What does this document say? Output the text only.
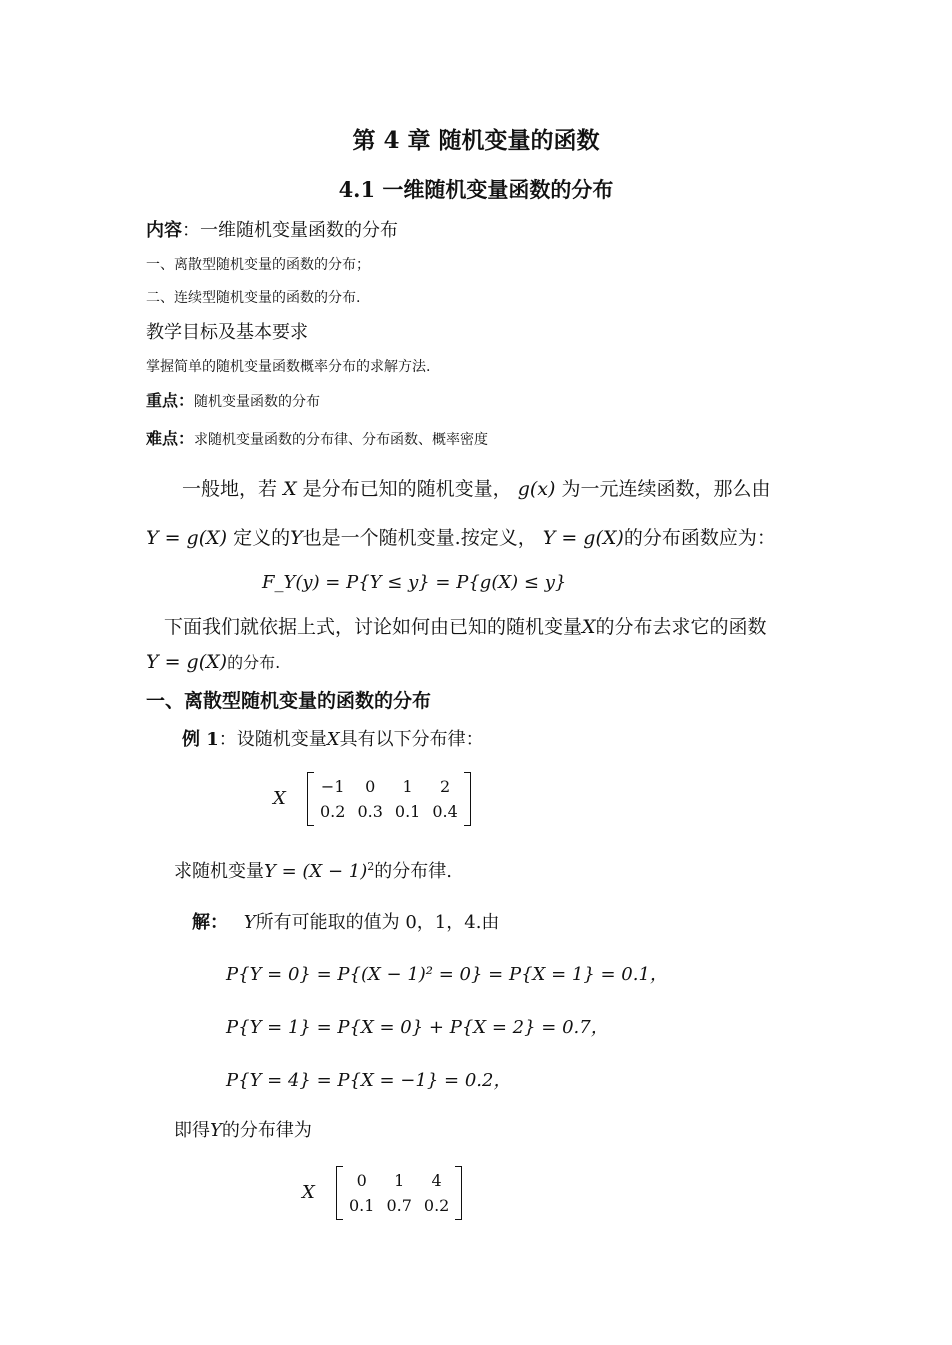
第 4 章 随机变量的函数
4.1 一维随机变量函数的分布
内容：一维随机变量函数的分布
一、离散型随机变量的函数的分布；
二、连续型随机变量的函数的分布.
教学目标及基本要求
掌握简单的随机变量函数概率分布的求解方法.
重点：随机变量函数的分布
难点：求随机变量函数的分布律、分布函数、概率密度
一般地，若 X 是分布已知的随机变量， g(x) 为一元连续函数，那么由
Y = g(X) 定义的Y也是一个随机变量.按定义， Y = g(X)的分布函数应为：
F_Y(y) = P{Y ≤ y} = P{g(X) ≤ y}
下面我们就依据上式，讨论如何由已知的随机变量X的分布去求它的函数
Y = g(X)的分布.
一、离散型随机变量的函数的分布
例 1：设随机变量X具有以下分布律：
X
−1	0	1	2
0.2	0.3	0.1	0.4
求随机变量$Y = (X - 1)^2$的分布律.
解： Y所有可能取的值为 0，1，4.由
P{Y = 0} = P{(X − 1)² = 0} = P{X = 1} = 0.1，
P{Y = 1} = P{X = 0} + P{X = 2} = 0.7，
P{Y = 4} = P{X = −1} = 0.2，
即得Y的分布律为
X
0	1	4
0.1	0.7	0.2
